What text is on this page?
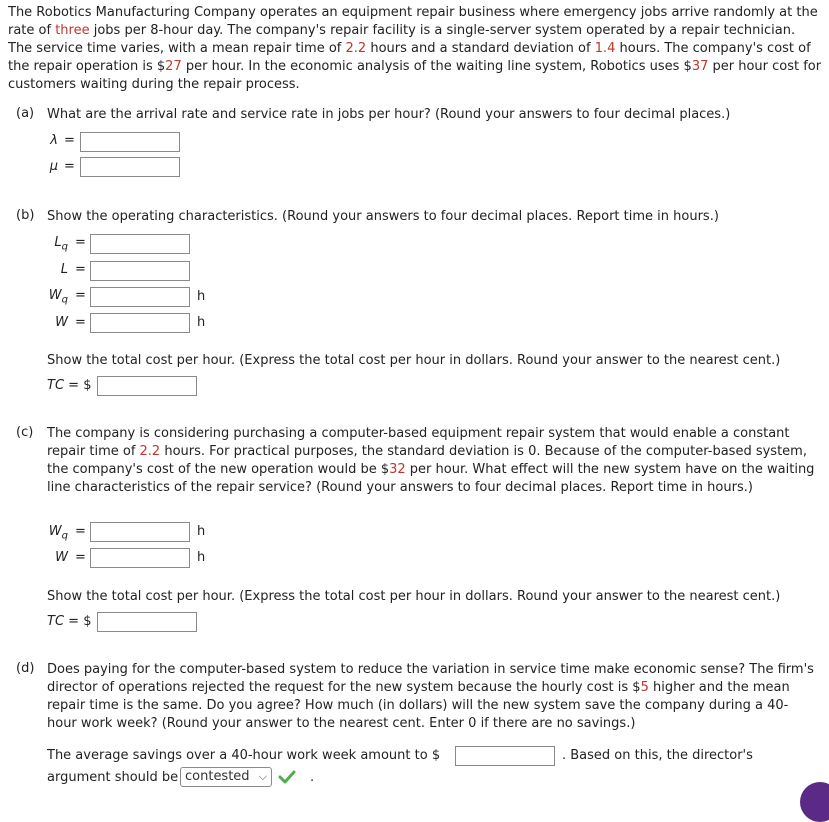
The Robotics Manufacturing Company operates an equipment repair business where emergency jobs arrive randomly at the rate of three jobs per 8-hour day. The company's repair facility is a single-server system operated by a repair technician. The service time varies, with a mean repair time of 2.2 hours and a standard deviation of 1.4 hours. The company's cost of the repair operation is $27 per hour. In the economic analysis of the waiting line system, Robotics uses $37 per hour cost for customers waiting during the repair process.
(a) What are the arrival rate and service rate in jobs per hour? (Round your answers to four decimal places.)
λ =
μ =
(b) Show the operating characteristics. (Round your answers to four decimal places. Report time in hours.)
$L_q$ =
L =
$W_q$ =	h
W =	h
Show the total cost per hour. (Express the total cost per hour in dollars. Round your answer to the nearest cent.)
TC = $
(c) The company is considering purchasing a computer-based equipment repair system that would enable a constant repair time of 2.2 hours. For practical purposes, the standard deviation is 0. Because of the computer-based system, the company's cost of the new operation would be $32 per hour. What effect will the new system have on the waiting line characteristics of the repair service? (Round your answers to four decimal places. Report time in hours.)
$W_q$ =	h
W =	h
Show the total cost per hour. (Express the total cost per hour in dollars. Round your answer to the nearest cent.)
TC = $
(d) Does paying for the computer-based system to reduce the variation in service time make economic sense? The firm's director of operations rejected the request for the new system because the hourly cost is $5 higher and the mean repair time is the same. Do you agree? How much (in dollars) will the new system save the company during a 40-hour work week? (Round your answer to the nearest cent. Enter 0 if there are no savings.)
The average savings over a 40-hour work week amount to $	. Based on this, the director's
argument should be contested ⌵	.
